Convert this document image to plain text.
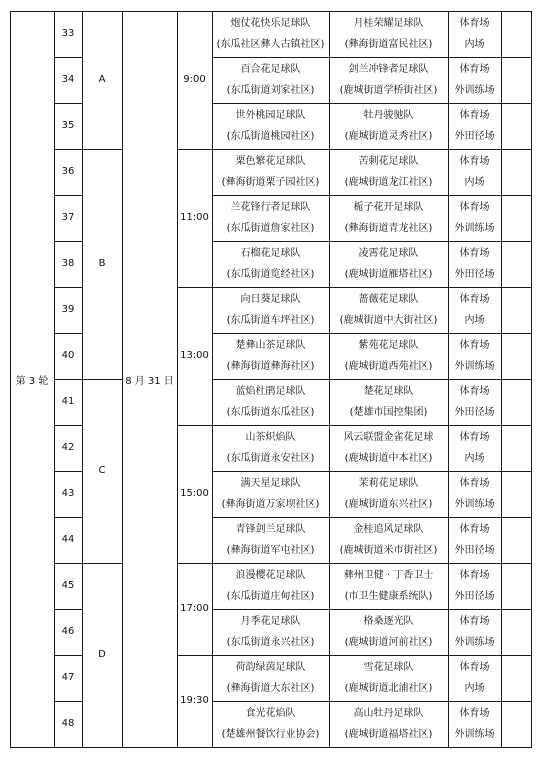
第 3 轮	8 月 31 日
33
炮仗花快乐足球队
(东瓜社区彝人古镇社区)
月桂荣耀足球队
(彝海街道富民社区)
体育场
内场
34
百合花足球队
(东瓜街道刘家社区)
剑兰冲锋者足球队
(鹿城街道学桥街社区)
体育场
外训练场
35
世外桃园足球队
(东瓜街道桃园社区)
牡丹骏驰队
(鹿城街道灵秀社区)
体育场
外田径场
36
栗色繁花足球队
(彝海街道栗子园社区)
苦刺花足球队
(鹿城街道龙江社区)
体育场
内场
37
兰花锋行者足球队
(东瓜街道詹家社区)
栀子花开足球队
(彝海街道青龙社区)
体育场
外训练场
38
石榴花足球队
(东瓜街道览经社区)
凌霄花足球队
(鹿城街道雁塔社区)
体育场
外田径场
39
向日葵足球队
(东瓜街道车坪社区)
蔷薇花足球队
(鹿城街道中大街社区)
体育场
内场
40
楚彝山茶足球队
(彝海街道彝海社区)
紫苑花足球队
(鹿城街道西苑社区)
体育场
外训练场
41
蓝焰杜鹃足球队
(东瓜街道东瓜社区)
楚花足球队
(楚雄市国控集团)
体育场
外田径场
42
山茶炽焰队
(东瓜街道永安社区)
风云联盟金雀花足球
(鹿城街道中本社区)
体育场
内场
43
满天星足球队
(彝海街道万家坝社区)
茉莉花足球队
(鹿城街道东兴社区)
体育场
外训练场
44
青锋剑兰足球队
(彝海街道军屯社区)
金桂追风足球队
(鹿城街道米市街社区)
体育场
外田径场
45
浪漫樱花足球队
(东瓜街道庄甸社区)
彝州卫健 · 丁香卫士
(市卫生健康系统队)
体育场
外田径场
46
月季花足球队
(东瓜街道永兴社区)
格桑逐光队
(鹿城街道河前社区)
体育场
外训练场
47
荷韵绿茵足球队
(彝海街道大东社区)
雪花足球队
(鹿城街道北浦社区)
体育场
内场
48
食光花焰队
(楚雄州餐饮行业协会)
高山牡丹足球队
(鹿城街道福塔社区)
体育场
外训练场
A
B
C
D
9:00
11:00
13:00
15:00
17:00
19:30
